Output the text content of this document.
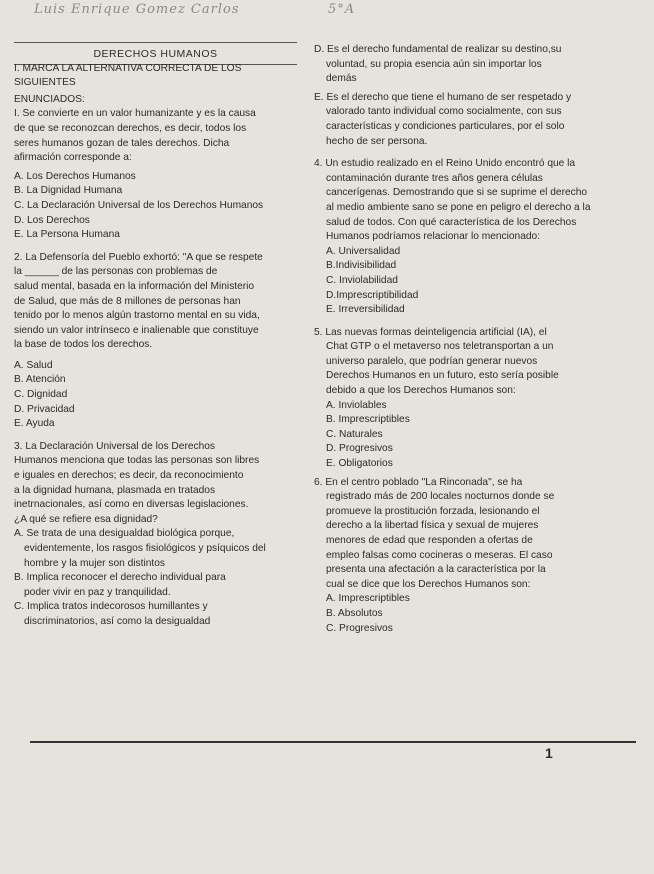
Luis Enrique Gomez Carlos	5°A

DERECHOS HUMANOS

I. MARCA LA ALTERNATIVA CORRECTA DE LOS SIGUIENTES

ENUNCIADOS:

I. Se convierte en un valor humanizante y es la causa

de que se reconozcan derechos, es decir, todos los

seres humanos gozan de tales derechos. Dicha

afirmación corresponde a:

A. Los Derechos Humanos

B. La Dignidad Humana

C. La Declaración Universal de los Derechos Humanos

D. Los Derechos

E. La Persona Humana

2. La Defensoría del Pueblo exhortó: "A que se respete

la ______ de las personas con problemas de

salud mental, basada en la información del Ministerio

de Salud, que más de 8 millones de personas han

tenido por lo menos algún trastorno mental en su vida,

siendo un valor intrínseco e inalienable que constituye

la base de todos los derechos.

A. Salud

B. Atención

C. Dignidad

D. Privacidad

E. Ayuda

3. La Declaración Universal de los Derechos

Humanos menciona que todas las personas son libres

e iguales en derechos; es decir, da reconocimiento

a la dignidad humana, plasmada en tratados

inetrnacionales, así como en diversas legislaciones.

¿A qué se refiere esa dignidad?

A. Se trata de una desigualdad biológica porque,

evidentemente, los rasgos fisiológicos y psíquicos del

hombre y la mujer son distintos

B. Implica reconocer el derecho individual para

poder vivir en paz y tranquilidad.

C. Implica tratos indecorosos humillantes y

discriminatorios, así como la desigualdad

D. Es el derecho fundamental de realizar su destino,su

voluntad, su propia esencia aún sin importar los

demás

E. Es el derecho que tiene el humano de ser respetado y

valorado tanto individual como socialmente, con sus

características y condiciones particulares, por el solo

hecho de ser persona.

4. Un estudio realizado en el Reino Unido encontró que la

contaminación durante tres años genera células

cancerígenas. Demostrando que si se suprime el derecho

al medio ambiente sano se pone en peligro el derecho a la

salud de todos. Con qué característica de los Derechos

Humanos podríamos relacionar lo mencionado:

A. Universalidad

B.Indivisibilidad

C. Inviolabilidad

D.Imprescriptibilidad

E. Irreversibilidad

5. Las nuevas formas deinteligencia artificial (IA), el

Chat GTP o el metaverso nos teletransportan a un

universo paralelo, que podrían generar nuevos

Derechos Humanos en un futuro, esto sería posible

debido a que los Derechos Humanos son:

A. Inviolables

B. Imprescriptibles

C. Naturales

D. Progresivos

E. Obligatorios

6. En el centro poblado "La Rinconada", se ha

registrado más de 200 locales nocturnos donde se

promueve la prostitución forzada, lesionando el

derecho a la libertad física y sexual de mujeres

menores de edad que responden a ofertas de

empleo falsas como cocineras o meseras. El caso

presenta una afectación a la característica por la

cual se dice que los Derechos Humanos son:

A. Imprescriptibles

B. Absolutos

C. Progresivos

1
